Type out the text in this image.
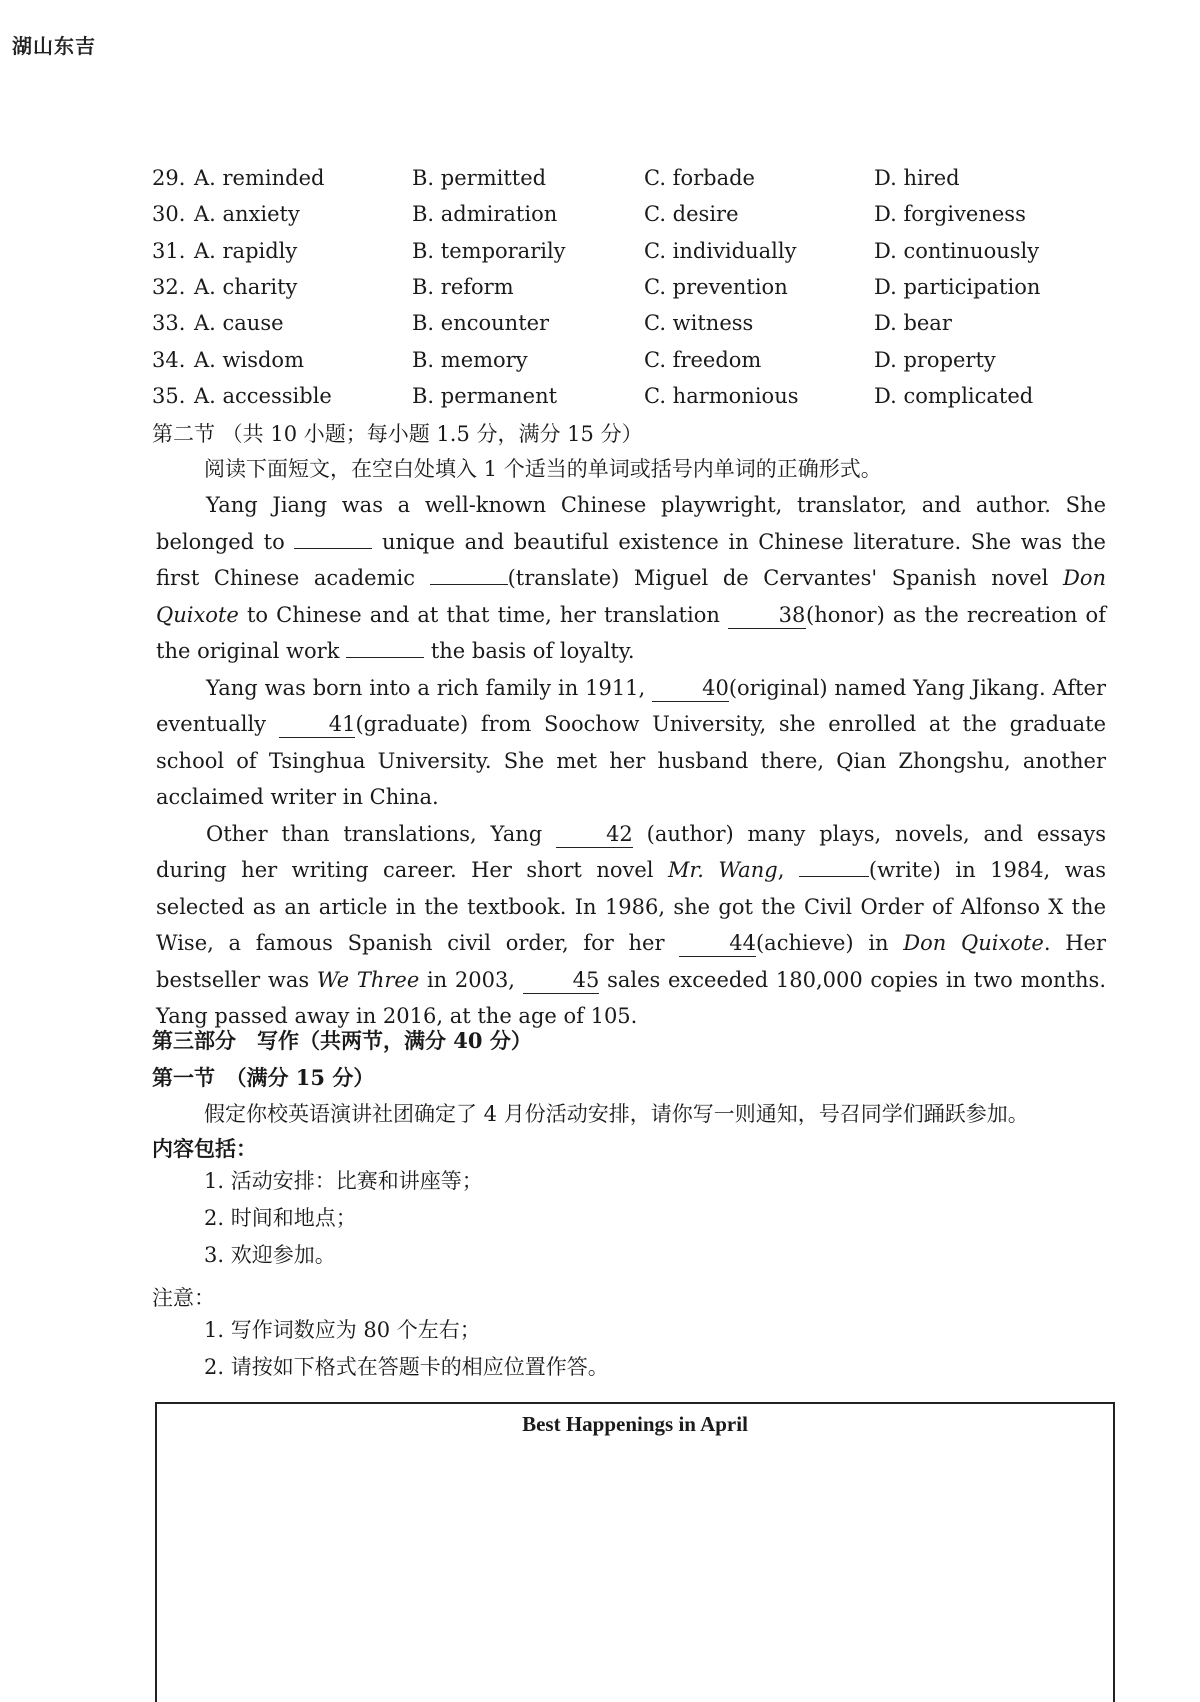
湖山东吉
29. A. reminded	B. permitted	C. forbade	D. hired
30. A. anxiety	B. admiration	C. desire	D. forgiveness
31. A. rapidly	B. temporarily	C. individually	D. continuously
32. A. charity	B. reform	C. prevention	D. participation
33. A. cause	B. encounter	C. witness	D. bear
34. A. wisdom	B. memory	C. freedom	D. property
35. A. accessible	B. permanent	C. harmonious	D. complicated
第二节 （共 10 小题；每小题 1.5 分，满分 15 分）
阅读下面短文，在空白处填入 1 个适当的单词或括号内单词的正确形式。

Yang Jiang was a well-known Chinese playwright, translator, and author. She belonged to	unique and beautiful existence in Chinese literature. She was the first Chinese academic	(translate) Miguel de Cervantes' Spanish novel Don Quixote to Chinese and at that time, her translation	38(honor) as the recreation of the original work	the basis of loyalty.

Yang was born into a rich family in 1911,	40(original) named Yang Jikang. After eventually	41(graduate) from Soochow University, she enrolled at the graduate school of Tsinghua University. She met her husband there, Qian Zhongshu, another acclaimed writer in China.

Other than translations, Yang	42 (author) many plays, novels, and essays during her writing career. Her short novel Mr. Wang,	(write) in 1984, was selected as an article in the textbook. In 1986, she got the Civil Order of Alfonso X the Wise, a famous Spanish civil order, for her	44(achieve) in Don Quixote. Her bestseller was We Three in 2003,	45 sales exceeded 180,000 copies in two months. Yang passed away in 2016, at the age of 105.

第三部分　写作（共两节，满分 40 分）
第一节　（满分 15 分）
假定你校英语演讲社团确定了 4 月份活动安排，请你写一则通知，号召同学们踊跃参加。
内容包括：
1. 活动安排：比赛和讲座等；
2. 时间和地点；
3. 欢迎参加。
注意：
1. 写作词数应为 80 个左右；
2. 请按如下格式在答题卡的相应位置作答。
Best Happenings in April
